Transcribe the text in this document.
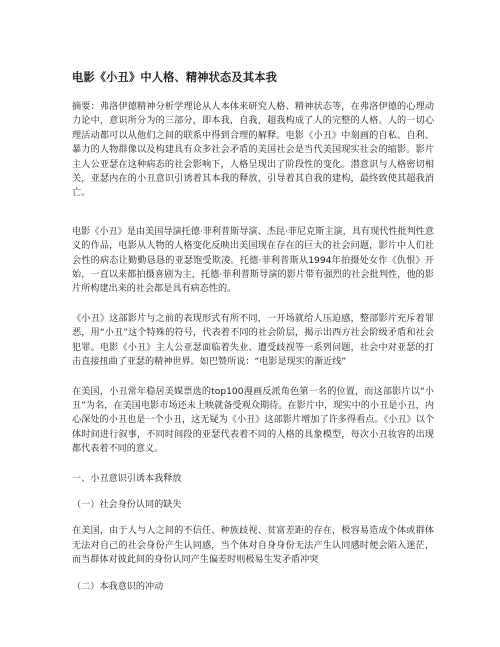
电影《小丑》中人格、精神状态及其本我

摘要：弗洛伊德精神分析学理论从人本体来研究人格、精神状态等，在弗洛伊德的心理动力论中，意识所分为的三部分，即本我，自我，超我构成了人的完整的人格。人的一切心理活动都可以从他们之间的联系中得到合理的解释。电影《小丑》中刻画的自私、自利、暴力的人物群像以及构建具有众多社会矛盾的美国社会是当代美国现实社会的缩影。影片主人公亚瑟在这种病态的社会影响下，人格呈现出了阶段性的变化。潜意识与人格密切相关，亚瑟内在的小丑意识引诱着其本我的释放，引导着其自我的建构，最终致使其超我消亡。

电影《小丑》是由美国导演托德·菲利普斯导演、杰昆·菲尼克斯主演，具有现代性批判性意义的作品，电影从人物的人格变化反映出美国现在存在的巨大的社会问题，影片中人们社会性的病态让勤勤恳恳的亚瑟饱受欺凌。托德·菲利普斯从1994年拍摄处女作《仇恨》开始，一直以来都拍摄喜剧为主，托德·菲利普斯导演的影片带有强烈的社会批判性，他的影片所构建出来的社会都是具有病态性的。

《小丑》这部影片与之前的表现形式有所不同，一开场就给人压迫感，整部影片充斥着罪恶，用“小丑”这个特殊的符号，代表着不同的社会阶层，揭示出西方社会阶级矛盾和社会犯罪。电影《小丑》主人公亚瑟面临着失业、遭受歧视等一系列问题，社会中对亚瑟的打击直接扭曲了亚瑟的精神世界。如巴赞所说：“电影是现实的渐近线”

在美国，小丑常年稳居美媒票选的top100漫画反派角色第一名的位置，而这部影片以“小丑”为名，在美国电影市场还未上映就备受观众期待。在影片中，现实中的小丑是小丑，内心深处的小丑也是一个小丑，这无疑为《小丑》这部影片增加了许多得看点。《小丑》以个体时间进行叙事，不同时间段的亚瑟代表着不同的人格的具象模型，每次小丑妆容的出现都代表着不同的意义。

一、小丑意识引诱本我释放

（一）社会身份认同的缺失

在美国，由于人与人之间的不信任、种族歧视、贫富差距的存在，极容易造成个体或群体无法对自己的社会身份产生认同感，当个体对自身身份无法产生认同感时便会陷入迷茫，而当群体对彼此间的身份认同产生偏差时则极易生发矛盾冲突

（二）本我意识的冲动
